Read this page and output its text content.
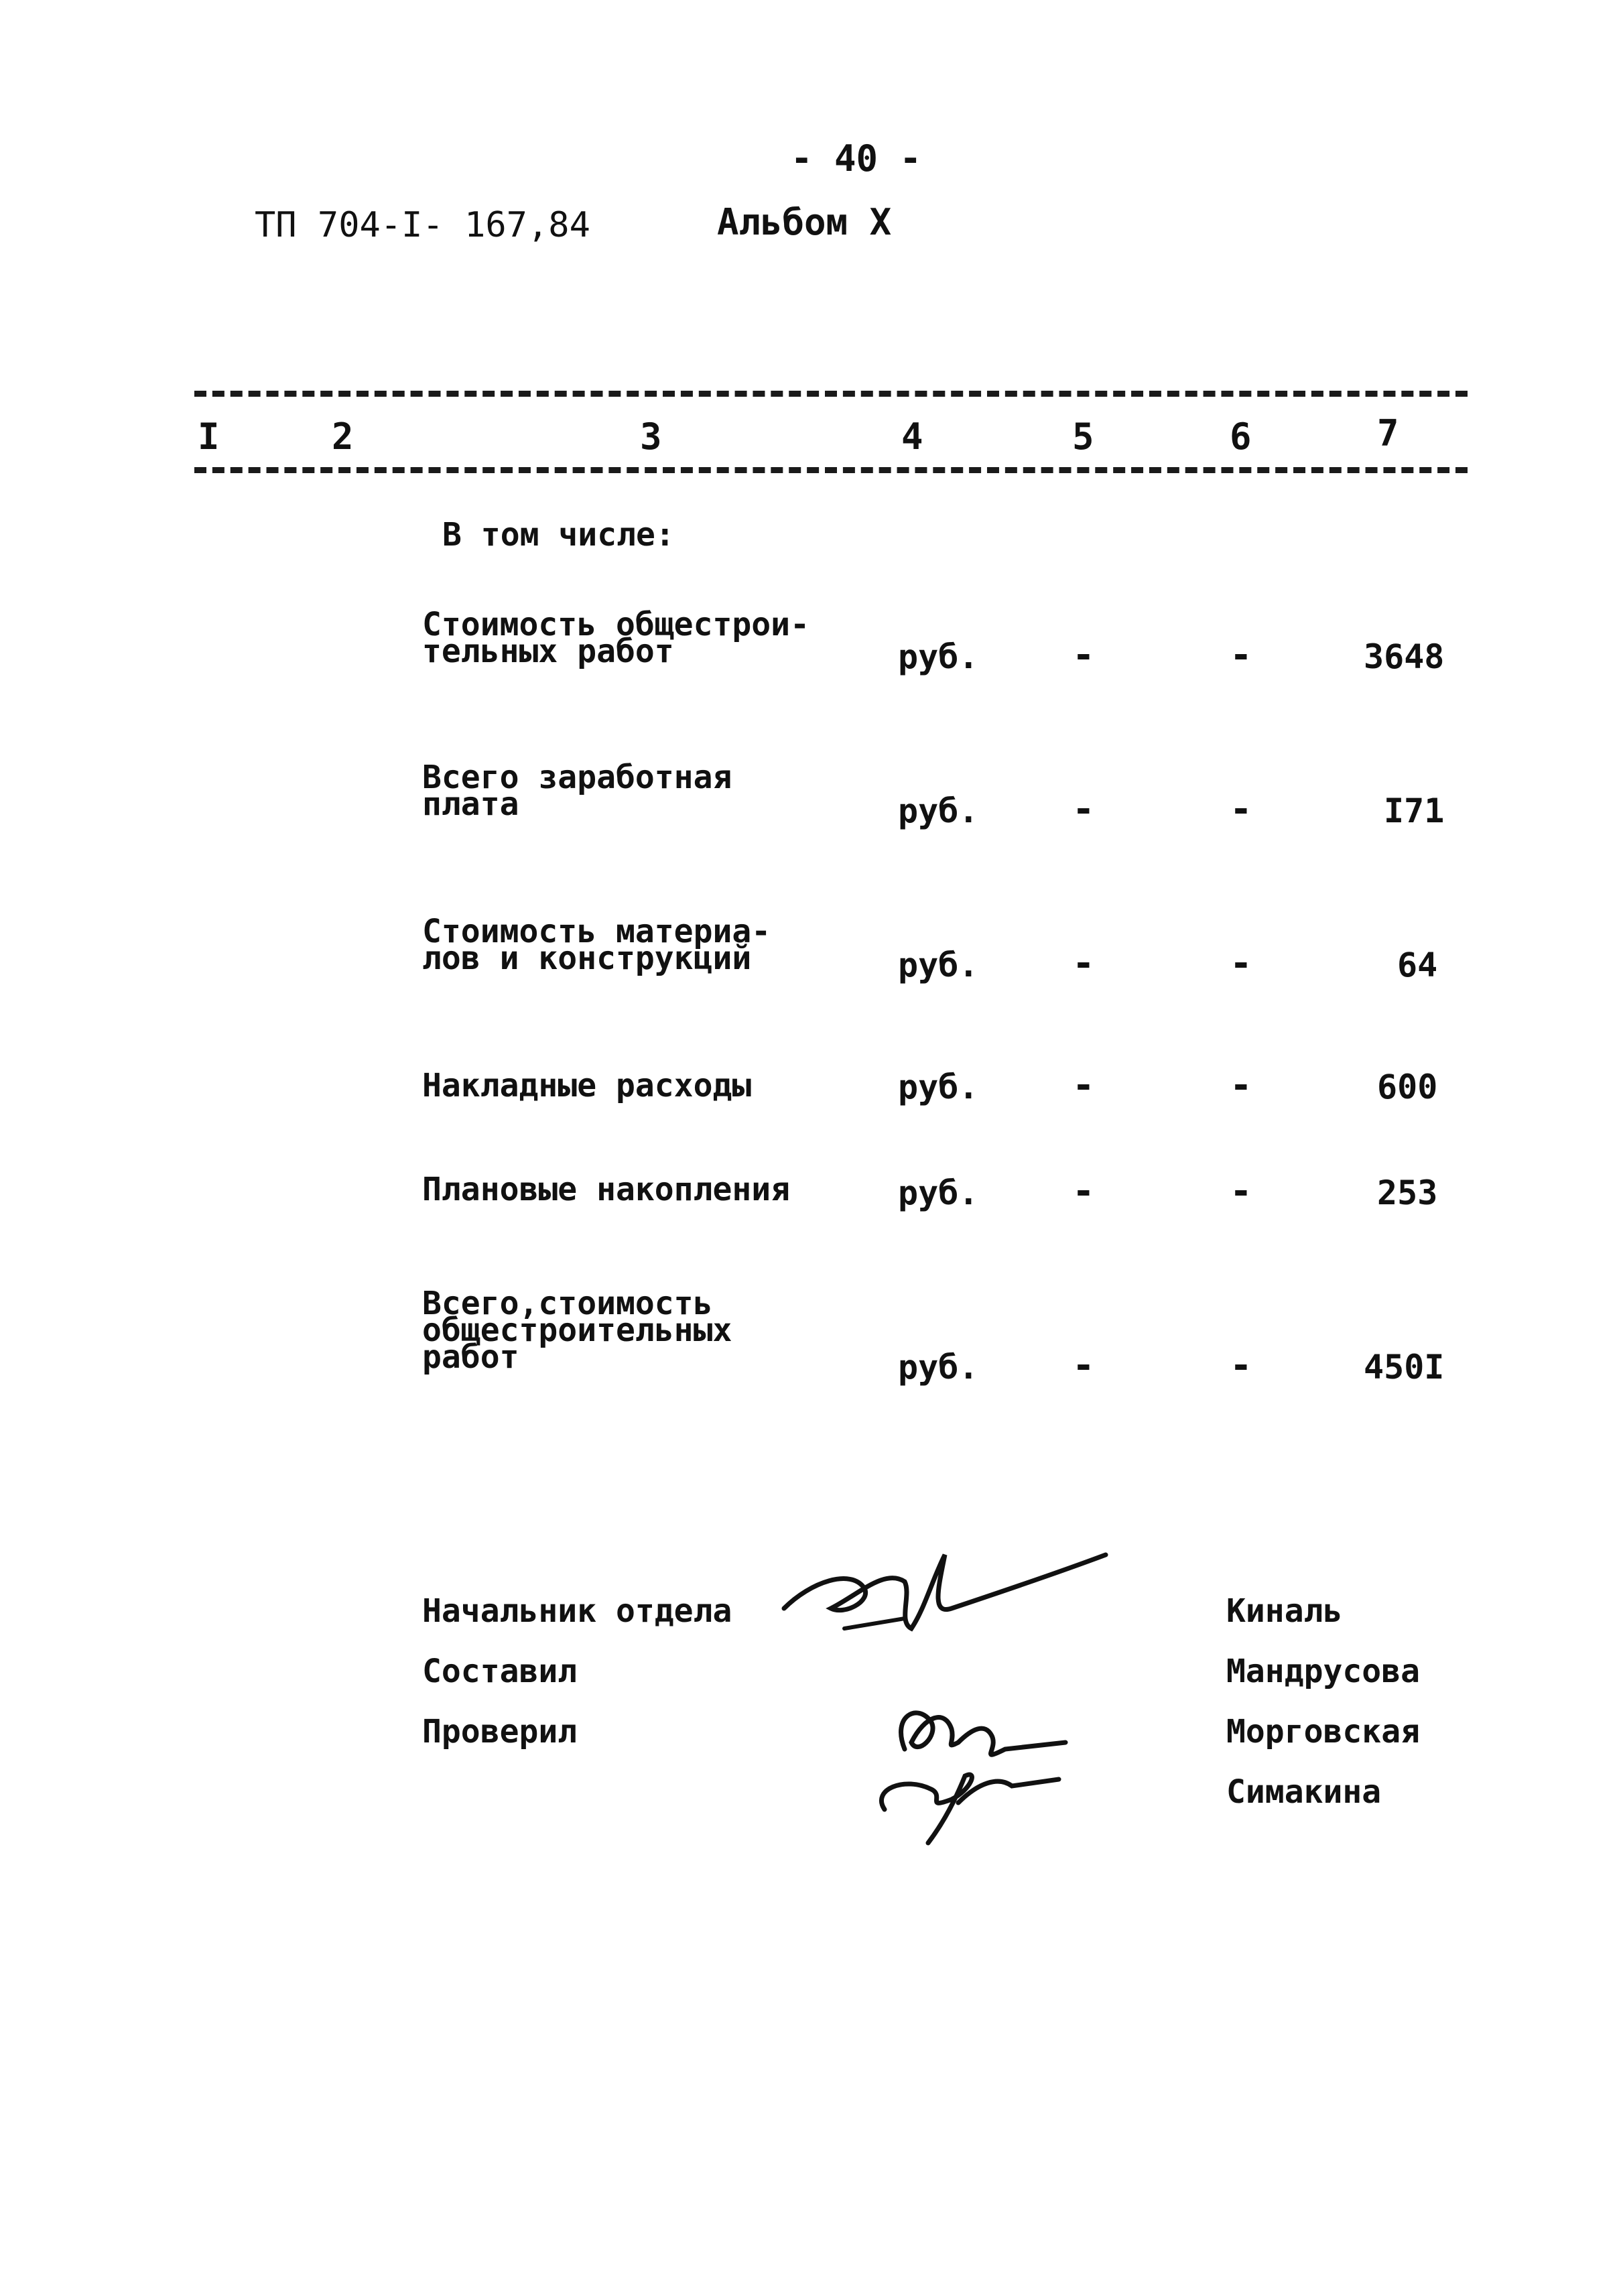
- 40 -
ТП 704-I- 167,84	Альбом X
I	2	3	4	5	6	7
В том числе:
Стоимость общестрои-
тельных работ	руб. -	-	3648
Всего заработная
плата	руб. -	-	I71
Стоимость материа-
лов и конструкций	руб. -	-	64
Накладные расходы	руб. -	-	600
Плановые накопления	руб. -	-	253
Всего,стоимость
общестроительных
работ	руб. -	-	450I
Начальник отдела
Составил
Проверил
Киналь
Мандрусова
Морговская
Симакина
